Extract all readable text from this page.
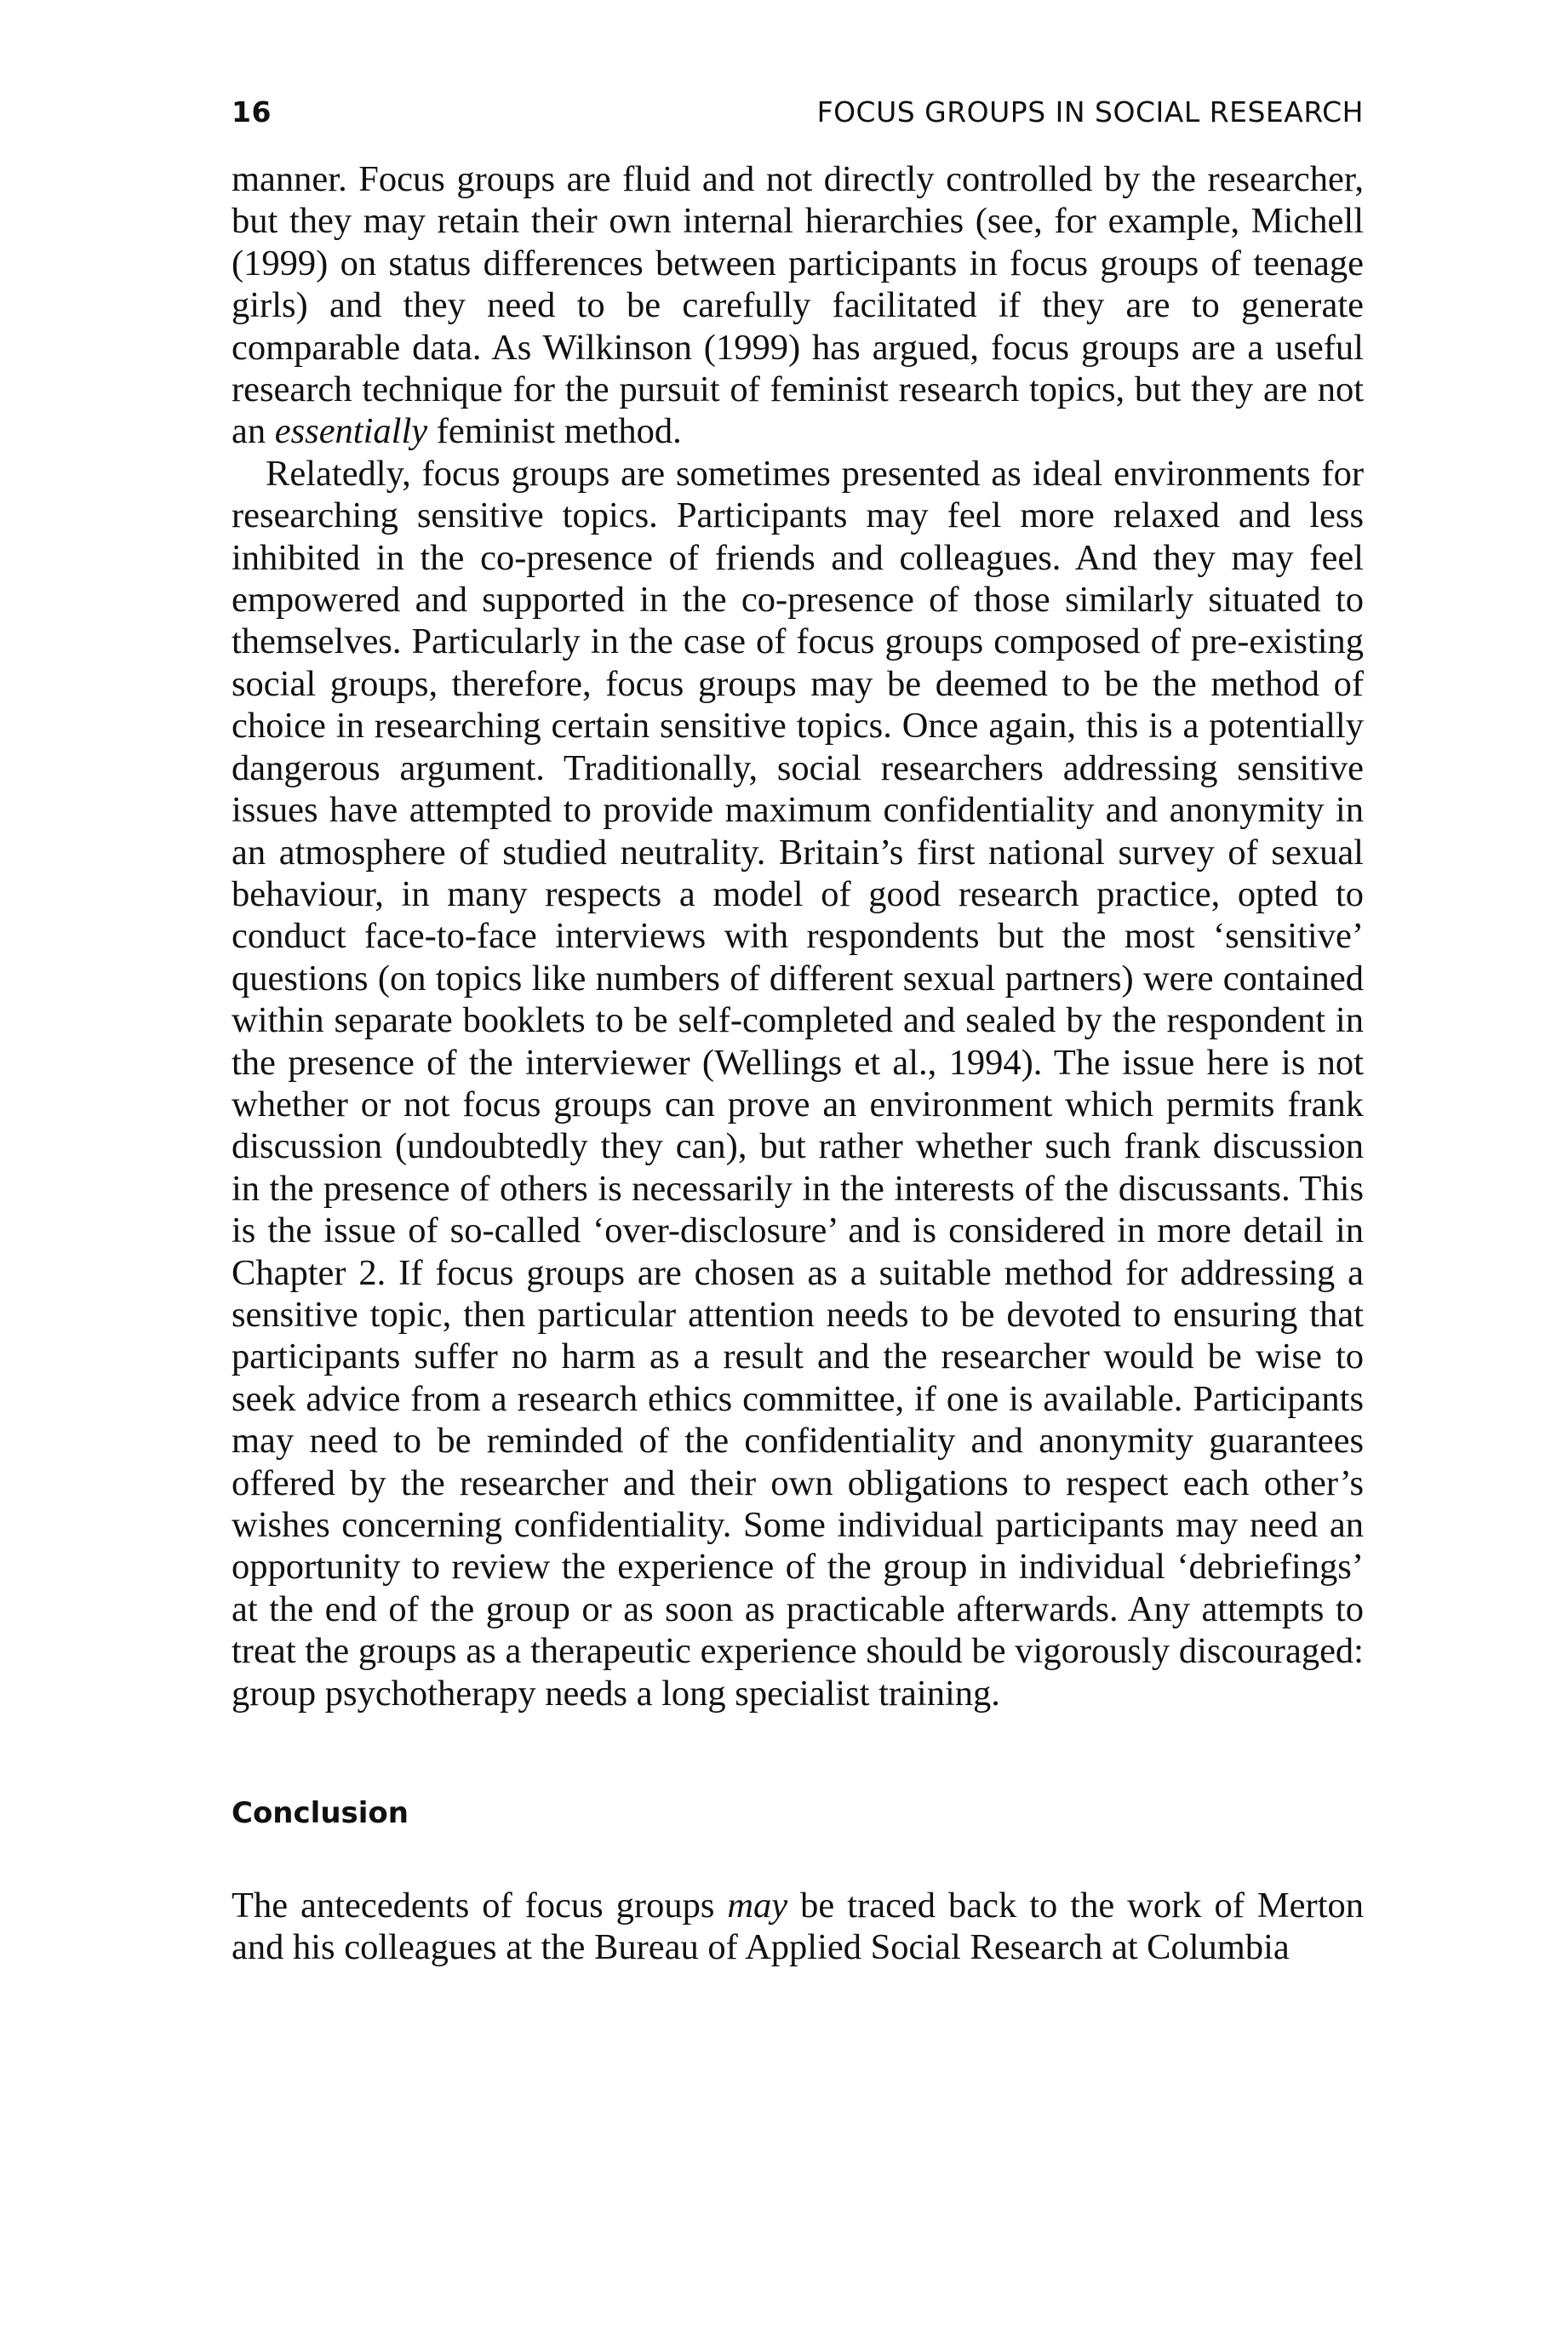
16	FOCUS GROUPS IN SOCIAL RESEARCH

manner. Focus groups are fluid and not directly controlled by the researcher, but they may retain their own internal hierarchies (see, for example, Michell (1999) on status differences between participants in focus groups of teenage girls) and they need to be carefully facilitated if they are to generate comparable data. As Wilkinson (1999) has argued, focus groups are a useful research technique for the pursuit of feminist research topics, but they are not an essentially feminist method.

Relatedly, focus groups are sometimes presented as ideal environments for researching sensitive topics. Participants may feel more relaxed and less inhibited in the co-presence of friends and colleagues. And they may feel empowered and supported in the co-presence of those similarly situated to themselves. Particularly in the case of focus groups composed of pre-existing social groups, therefore, focus groups may be deemed to be the method of choice in researching certain sensitive topics. Once again, this is a potentially dangerous argument. Traditionally, social researchers addressing sensitive issues have attempted to provide maximum confidentiality and anonymity in an atmosphere of studied neutrality. Britain’s first national survey of sexual behaviour, in many respects a model of good research practice, opted to conduct face-to-face interviews with respondents but the most ‘sensitive’ questions (on topics like numbers of different sexual partners) were contained within separate booklets to be self-completed and sealed by the respondent in the presence of the interviewer (Wellings et al., 1994). The issue here is not whether or not focus groups can prove an environment which permits frank discussion (undoubtedly they can), but rather whether such frank discussion in the presence of others is necessarily in the interests of the discussants. This is the issue of so-called ‘over-disclosure’ and is considered in more detail in Chapter 2. If focus groups are chosen as a suitable method for addressing a sensitive topic, then particular attention needs to be devoted to ensuring that participants suffer no harm as a result and the researcher would be wise to seek advice from a research ethics committee, if one is available. Participants may need to be reminded of the confidentiality and anonymity guarantees offered by the researcher and their own obligations to respect each other’s wishes concerning confidentiality. Some individual participants may need an opportunity to review the experience of the group in individual ‘debriefings’ at the end of the group or as soon as practicable afterwards. Any attempts to treat the groups as a therapeutic experience should be vigorously discouraged: group psychotherapy needs a long specialist training.

Conclusion

The antecedents of focus groups may be traced back to the work of Merton and his colleagues at the Bureau of Applied Social Research at Columbia
